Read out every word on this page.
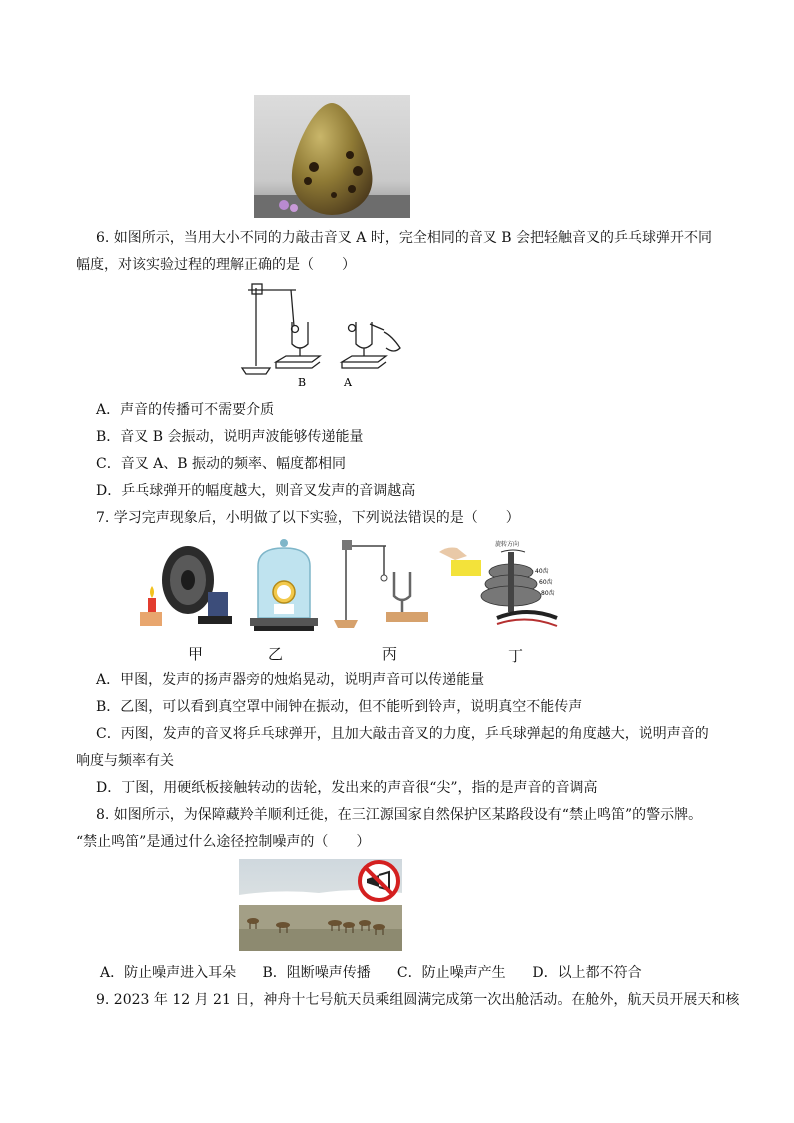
6. 如图所示，当用大小不同的力敲击音叉 A 时，完全相同的音叉 B 会把轻触音叉的乒乓球弹开不同
幅度，对该实验过程的理解正确的是（　　）
B	A
A．声音的传播可不需要介质
B．音叉 B 会振动，说明声波能够传递能量
C．音叉 A、B 振动的频率、幅度都相同
D．乒乓球弹开的幅度越大，则音叉发声的音调越高
7. 学习完声现象后，小明做了以下实验，下列说法错误的是（　　）
旋转方向
40齿
60齿
80齿
甲	乙	丙	丁
A．甲图，发声的扬声器旁的烛焰晃动，说明声音可以传递能量
B．乙图，可以看到真空罩中闹钟在振动，但不能听到铃声，说明真空不能传声
C．丙图，发声的音叉将乒乓球弹开，且加大敲击音叉的力度，乒乓球弹起的角度越大，说明声音的
响度与频率有关
D．丁图，用硬纸板接触转动的齿轮，发出来的声音很“尖”，指的是声音的音调高
8. 如图所示，为保障藏羚羊顺利迁徙，在三江源国家自然保护区某路段设有“禁止鸣笛”的警示牌。
“禁止鸣笛”是通过什么途径控制噪声的（　　）
A．防止噪声进入耳朵 B．阻断噪声传播 C．防止噪声产生 D．以上都不符合
9. 2023 年 12 月 21 日，神舟十七号航天员乘组圆满完成第一次出舱活动。在舱外，航天员开展天和核
